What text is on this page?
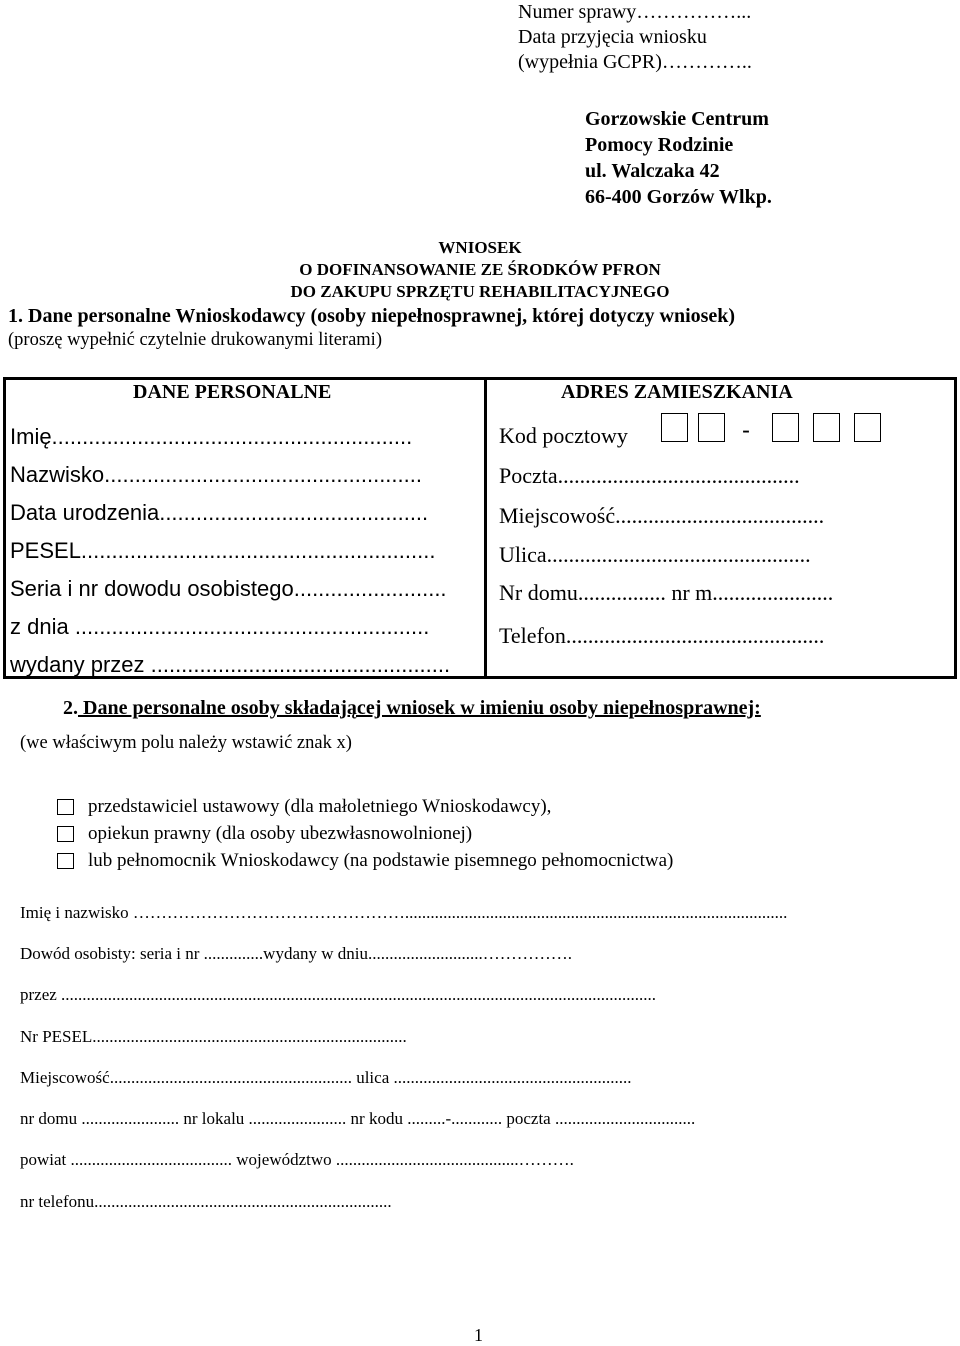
Numer sprawy……………...
Data przyjęcia wniosku
(wypełnia GCPR)…………..
Gorzowskie Centrum
Pomocy Rodzinie
ul. Walczaka 42
66-400 Gorzów Wlkp.
WNIOSEK
O DOFINANSOWANIE ZE ŚRODKÓW PFRON
DO ZAKUPU SPRZĘTU REHABILITACYJNEGO
1. Dane personalne Wnioskodawcy (osoby niepełnosprawnej, której dotyczy wniosek)
(proszę wypełnić czytelnie drukowanymi literami)
DANE PERSONALNE	ADRES ZAMIESZKANIA
Imię...........................................................
Nazwisko....................................................
Data urodzenia............................................
PESEL..........................................................
Seria i nr dowodu osobistego.........................
z dnia ..........................................................
wydany przez .................................................
Kod pocztowy	-
Poczta............................................
Miejscowość......................................
Ulica................................................
Nr domu................ nr m......................
Telefon...............................................
2. Dane personalne osoby składającej wniosek w imieniu osoby niepełnosprawnej:
(we właściwym polu należy wstawić znak x)
przedstawiciel ustawowy (dla małoletniego Wnioskodawcy),
opiekun prawny (dla osoby ubezwłasnowolnionej)
lub pełnomocnik Wnioskodawcy (na podstawie pisemnego pełnomocnictwa)
Imię i nazwisko …………………………………………..........................................................................................
Dowód osobisty: seria i nr ..............wydany w dniu...........................…………….
przez ............................................................................................................................................
Nr PESEL..........................................................................
Miejscowość......................................................... ulica ........................................................
nr domu ....................... nr lokalu ....................... nr kodu .........-............ poczta .................................
powiat ...................................... województwo ...........................................……….
nr telefonu......................................................................
1
